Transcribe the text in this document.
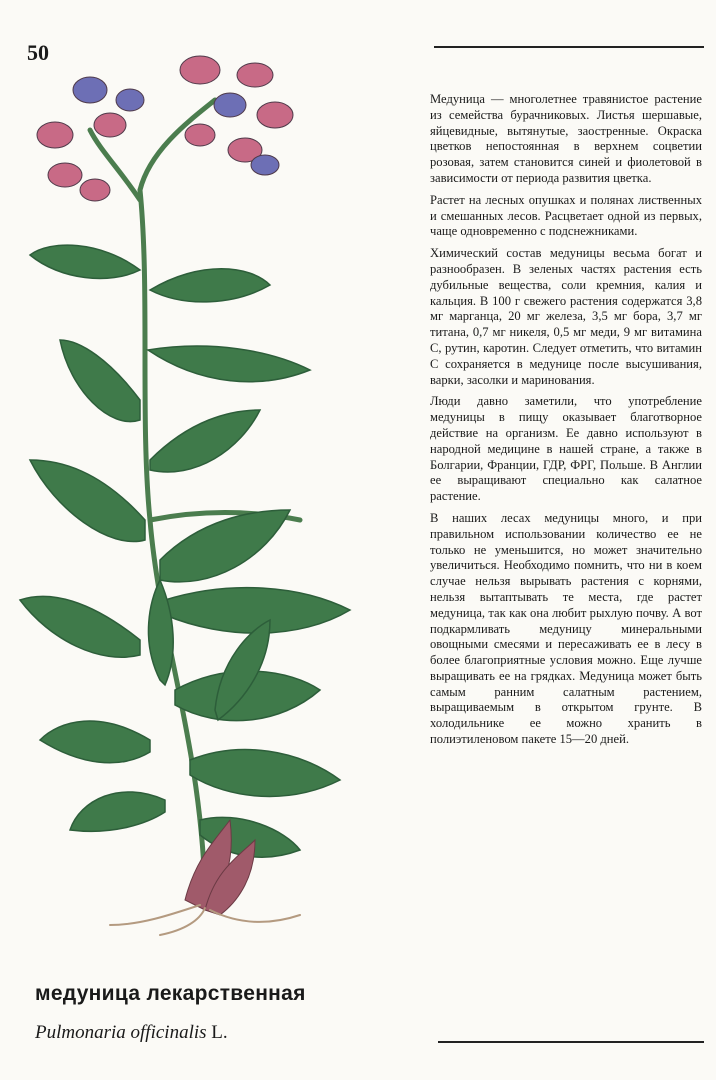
50

Медуница — многолетнее травянистое растение из семейства бурачниковых. Листья шершавые, яйцевидные, вытянутые, заостренные. Окраска цветков непостоянная в верхнем соцветии розовая, затем становится синей и фиолетовой в зависимости от периода развития цветка.

Растет на лесных опушках и полянах лиственных и смешанных лесов. Расцветает одной из первых, чаще одновременно с подснежниками.

Химический состав медуницы весьма богат и разнообразен. В зеленых частях растения есть дубильные вещества, соли кремния, калия и кальция. В 100 г свежего растения содержатся 3,8 мг марганца, 20 мг железа, 3,5 мг бора, 3,7 мг титана, 0,7 мг никеля, 0,5 мг меди, 9 мг витамина С, рутин, каротин. Следует отметить, что витамин С сохраняется в медунице после высушивания, варки, засолки и маринования.

Люди давно заметили, что употребление медуницы в пищу оказывает благотворное действие на организм. Ее давно используют в народной медицине в нашей стране, а также в Болгарии, Франции, ГДР, ФРГ, Польше. В Англии ее выращивают специально как салатное растение.

В наших лесах медуницы много, и при правильном использовании количество ее не только не уменьшится, но может значительно увеличиться. Необходимо помнить, что ни в коем случае нельзя вырывать растения с корнями, нельзя вытаптывать те места, где растет медуница, так как она любит рыхлую почву. А вот подкармливать медуницу минеральными овощными смесями и пересаживать ее в лесу в более благоприятные условия можно. Еще лучше выращивать ее на грядках. Медуница может быть самым ранним салатным растением, выращиваемым в открытом грунте. В холодильнике ее можно хранить в полиэтиленовом пакете 15—20 дней.

медуница лекарственная
Pulmonaria officinalis L.
